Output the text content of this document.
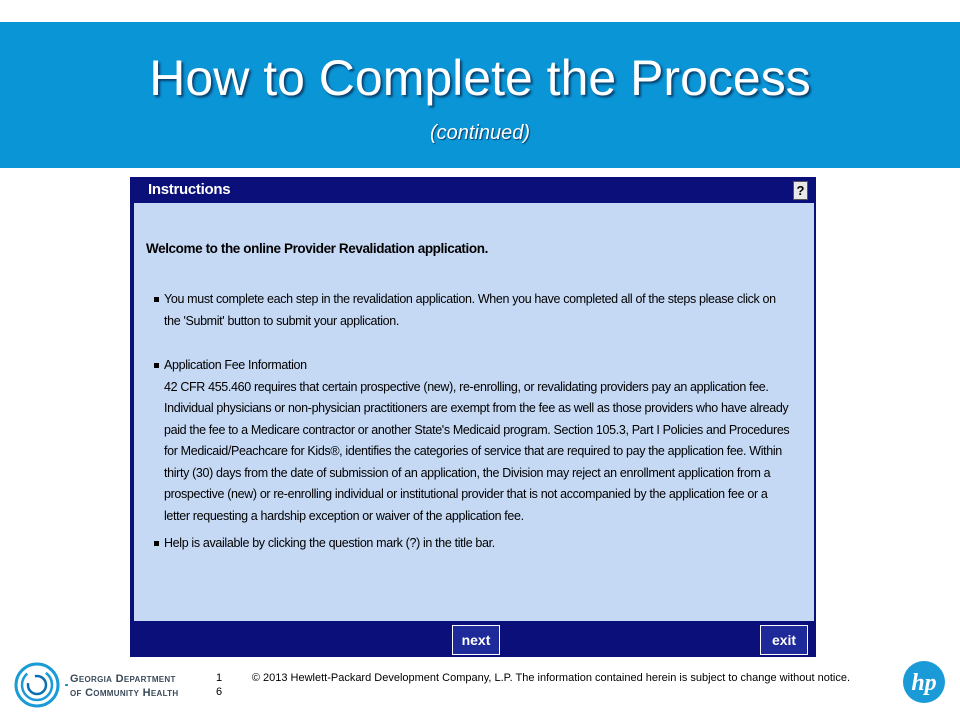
How to Complete the Process
(continued)
Instructions	?
Welcome to the online Provider Revalidation application.
You must complete each step in the revalidation application. When you have completed all of the steps please click on the 'Submit' button to submit your application.
Application Fee Information
42 CFR 455.460 requires that certain prospective (new), re-enrolling, or revalidating providers pay an application fee. Individual physicians or non-physician practitioners are exempt from the fee as well as those providers who have already paid the fee to a Medicare contractor or another State's Medicaid program. Section 105.3, Part I Policies and Procedures for Medicaid/Peachcare for Kids®, identifies the categories of service that are required to pay the application fee. Within thirty (30) days from the date of submission of an application, the Division may reject an enrollment application from a prospective (new) or re-enrolling individual or institutional provider that is not accompanied by the application fee or a letter requesting a hardship exception or waiver of the application fee.
Help is available by clicking the question mark (?) in the title bar.
next	exit
Georgia Department
of Community Health
1 6
© 2013 Hewlett-Packard Development Company, L.P. The information contained herein is subject to change without notice.	hp
